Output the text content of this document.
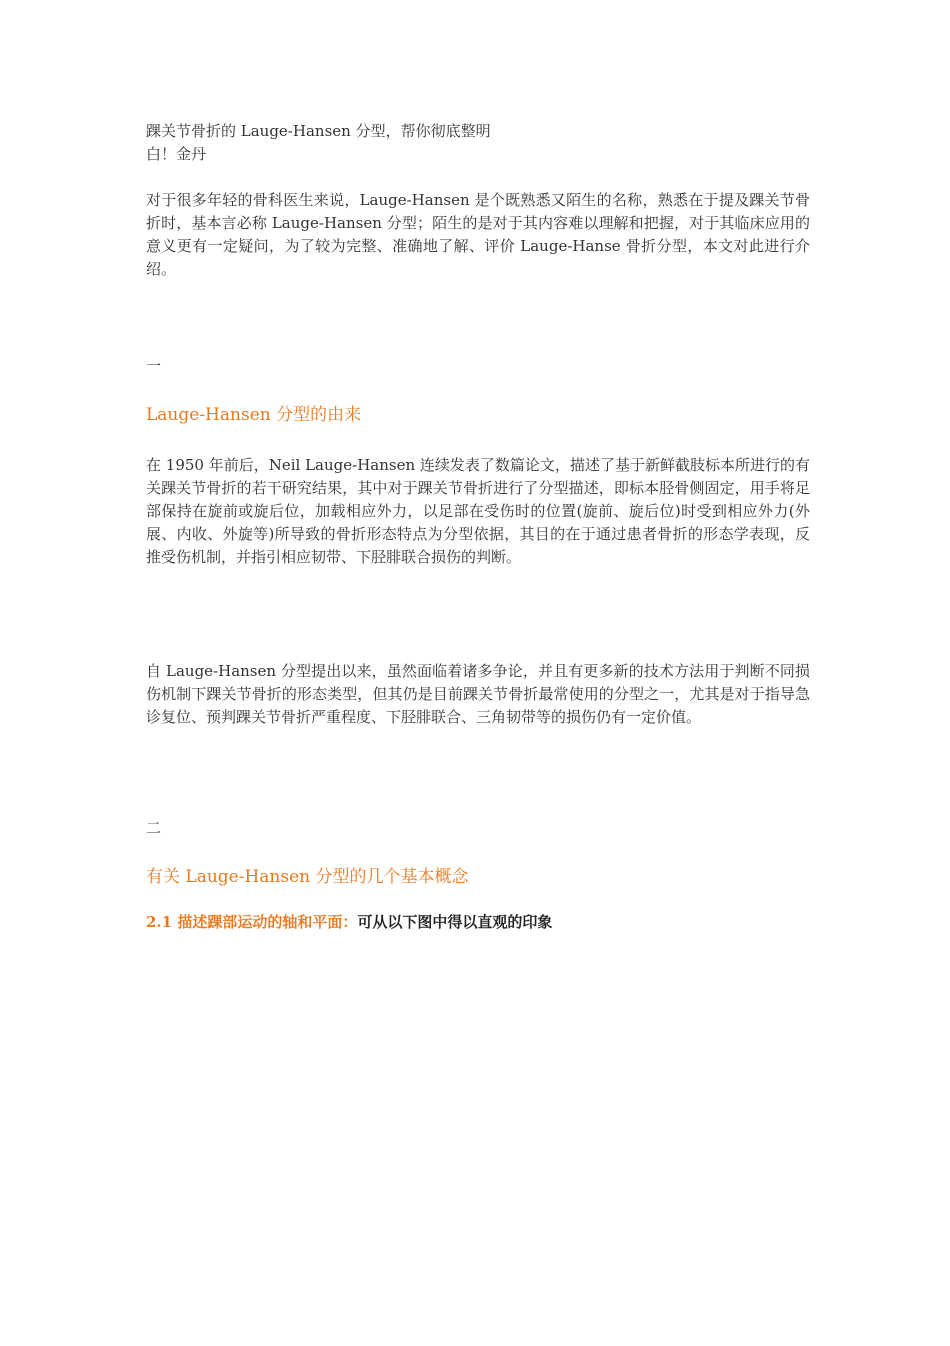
踝关节骨折的 Lauge-Hansen 分型，帮你彻底整明
白！金丹

对于很多年轻的骨科医生来说，Lauge-Hansen 是个既熟悉又陌生的名称，熟悉在于提及踝关节骨折时，基本言必称 Lauge-Hansen 分型；陌生的是对于其内容难以理解和把握，对于其临床应用的意义更有一定疑问，为了较为完整、准确地了解、评价 Lauge-Hanse 骨折分型，本文对此进行介绍。

一
Lauge-Hansen 分型的由来

在 1950 年前后，Neil Lauge-Hansen 连续发表了数篇论文，描述了基于新鲜截肢标本所进行的有关踝关节骨折的若干研究结果，其中对于踝关节骨折进行了分型描述，即标本胫骨侧固定，用手将足部保持在旋前或旋后位，加载相应外力，以足部在受伤时的位置(旋前、旋后位)时受到相应外力(外展、内收、外旋等)所导致的骨折形态特点为分型依据，其目的在于通过患者骨折的形态学表现，反推受伤机制，并指引相应韧带、下胫腓联合损伤的判断。

自 Lauge-Hansen 分型提出以来，虽然面临着诸多争论，并且有更多新的技术方法用于判断不同损伤机制下踝关节骨折的形态类型，但其仍是目前踝关节骨折最常使用的分型之一，尤其是对于指导急诊复位、预判踝关节骨折严重程度、下胫腓联合、三角韧带等的损伤仍有一定价值。

二
有关 Lauge-Hansen 分型的几个基本概念
2.1 描述踝部运动的轴和平面：可从以下图中得以直观的印象
